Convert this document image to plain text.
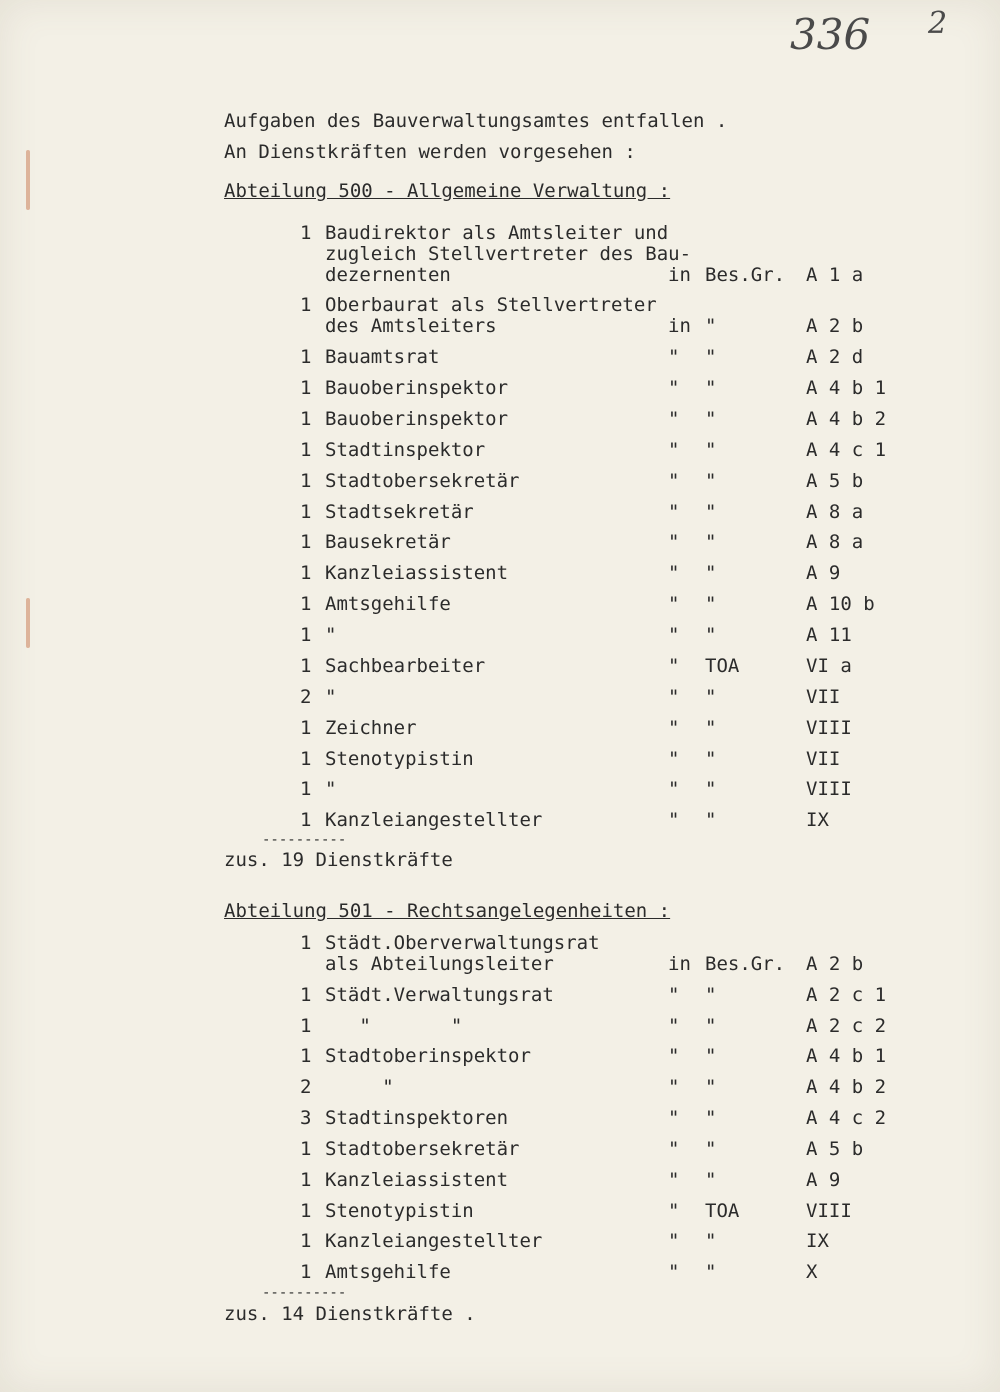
336 2
Aufgaben des Bauverwaltungsamtes entfallen .
An Dienstkräften werden vorgesehen :
Abteilung 500 - Allgemeine Verwaltung :
1 Baudirektor als Amtsleiter und
zugleich Stellvertreter des Bau-
dezernenten	in Bes.Gr. A 1 a
1 Oberbaurat als Stellvertreter
des Amtsleiters	in "	A 2 b
1 Bauamtsrat	" "	A 2 d
1 Bauoberinspektor	" "	A 4 b 1
1 Bauoberinspektor	" "	A 4 b 2
1 Stadtinspektor	" "	A 4 c 1
1 Stadtobersekretär	" "	A 5 b
1 Stadtsekretär	" "	A 8 a
1 Bausekretär	" "	A 8 a
1 Kanzleiassistent	" "	A 9
1 Amtsgehilfe	" "	A 10 b
1 "	" "	A 11
1 Sachbearbeiter	" TOA	VI a
2 "	" "	VII
1 Zeichner	" "	VIII
1 Stenotypistin	" "	VII
1 "	" "	VIII
1 Kanzleiangestellter	" "	IX
----------
zus. 19 Dienstkräfte
Abteilung 501 - Rechtsangelegenheiten :
1 Städt.Oberverwaltungsrat
als Abteilungsleiter	in Bes.Gr. A 2 b
1 Städt.Verwaltungsrat	" "	A 2 c 1
1 "       "	" "	A 2 c 2
1 Stadtoberinspektor	" "	A 4 b 1
2 "	" "	A 4 b 2
3 Stadtinspektoren	" "	A 4 c 2
1 Stadtobersekretär	" "	A 5 b
1 Kanzleiassistent	" "	A 9
1 Stenotypistin	" TOA	VIII
1 Kanzleiangestellter	" "	IX
1 Amtsgehilfe	" "	X
----------
zus. 14 Dienstkräfte .
